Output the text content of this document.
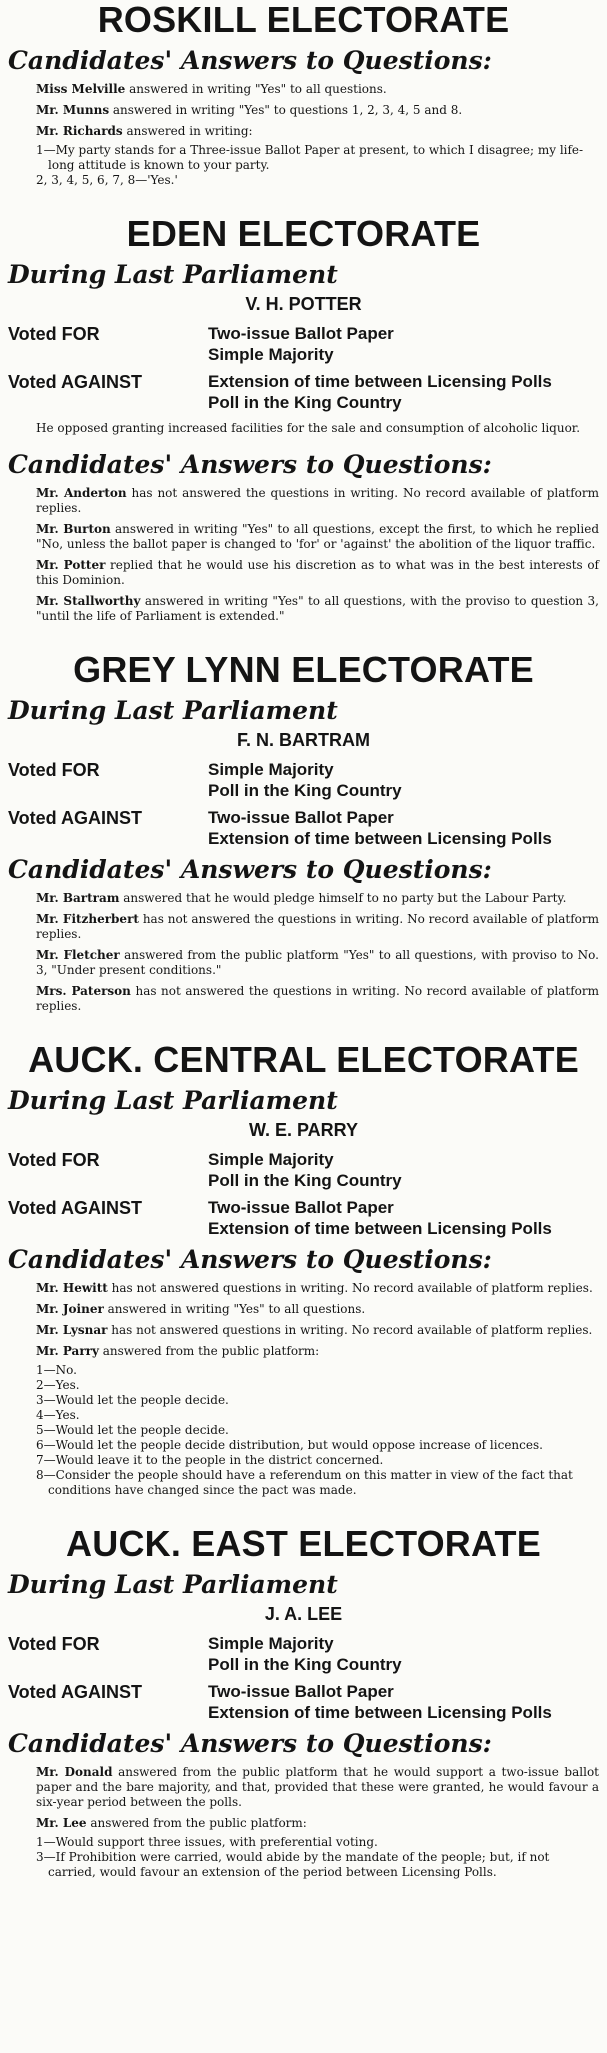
ROSKILL ELECTORATE
Candidates' Answers to Questions:

Miss Melville answered in writing "Yes" to all questions.

Mr. Munns answered in writing "Yes" to questions 1, 2, 3, 4, 5 and 8.

Mr. Richards answered in writing:

1—My party stands for a Three-issue Ballot Paper at present, to which I disagree; my life-long attitude is known to your party.
2, 3, 4, 5, 6, 7, 8—'Yes.'
EDEN ELECTORATE
During Last Parliament
V. H. POTTER
Voted FOR	Two-issue Ballot Paper
Simple Majority
Voted AGAINST	Extension of time between Licensing Polls
Poll in the King Country

He opposed granting increased facilities for the sale and consumption of alcoholic liquor.

Candidates' Answers to Questions:

Mr. Anderton has not answered the questions in writing. No record available of platform replies.

Mr. Burton answered in writing "Yes" to all questions, except the first, to which he replied "No, unless the ballot paper is changed to 'for' or 'against' the abolition of the liquor traffic.

Mr. Potter replied that he would use his discretion as to what was in the best interests of this Dominion.

Mr. Stallworthy answered in writing "Yes" to all questions, with the proviso to question 3, "until the life of Parliament is extended."

GREY LYNN ELECTORATE
During Last Parliament
F. N. BARTRAM
Voted FOR	Simple Majority
Poll in the King Country
Voted AGAINST	Two-issue Ballot Paper
Extension of time between Licensing Polls
Candidates' Answers to Questions:

Mr. Bartram answered that he would pledge himself to no party but the Labour Party.

Mr. Fitzherbert has not answered the questions in writing. No record available of platform replies.

Mr. Fletcher answered from the public platform "Yes" to all questions, with proviso to No. 3, "Under present conditions."

Mrs. Paterson has not answered the questions in writing. No record available of platform replies.

AUCK. CENTRAL ELECTORATE
During Last Parliament
W. E. PARRY
Voted FOR	Simple Majority
Poll in the King Country
Voted AGAINST	Two-issue Ballot Paper
Extension of time between Licensing Polls
Candidates' Answers to Questions:

Mr. Hewitt has not answered questions in writing. No record available of platform replies.

Mr. Joiner answered in writing "Yes" to all questions.

Mr. Lysnar has not answered questions in writing. No record available of platform replies.

Mr. Parry answered from the public platform:

1—No.
2—Yes.
3—Would let the people decide.
4—Yes.
5—Would let the people decide.
6—Would let the people decide distribution, but would oppose increase of licences.
7—Would leave it to the people in the district concerned.
8—Consider the people should have a referendum on this matter in view of the fact that conditions have changed since the pact was made.
AUCK. EAST ELECTORATE
During Last Parliament
J. A. LEE
Voted FOR	Simple Majority
Poll in the King Country
Voted AGAINST	Two-issue Ballot Paper
Extension of time between Licensing Polls
Candidates' Answers to Questions:

Mr. Donald answered from the public platform that he would support a two-issue ballot paper and the bare majority, and that, provided that these were granted, he would favour a six-year period between the polls.

Mr. Lee answered from the public platform:

1—Would support three issues, with preferential voting.
3—If Prohibition were carried, would abide by the mandate of the people; but, if not carried, would favour an extension of the period between Licensing Polls.
